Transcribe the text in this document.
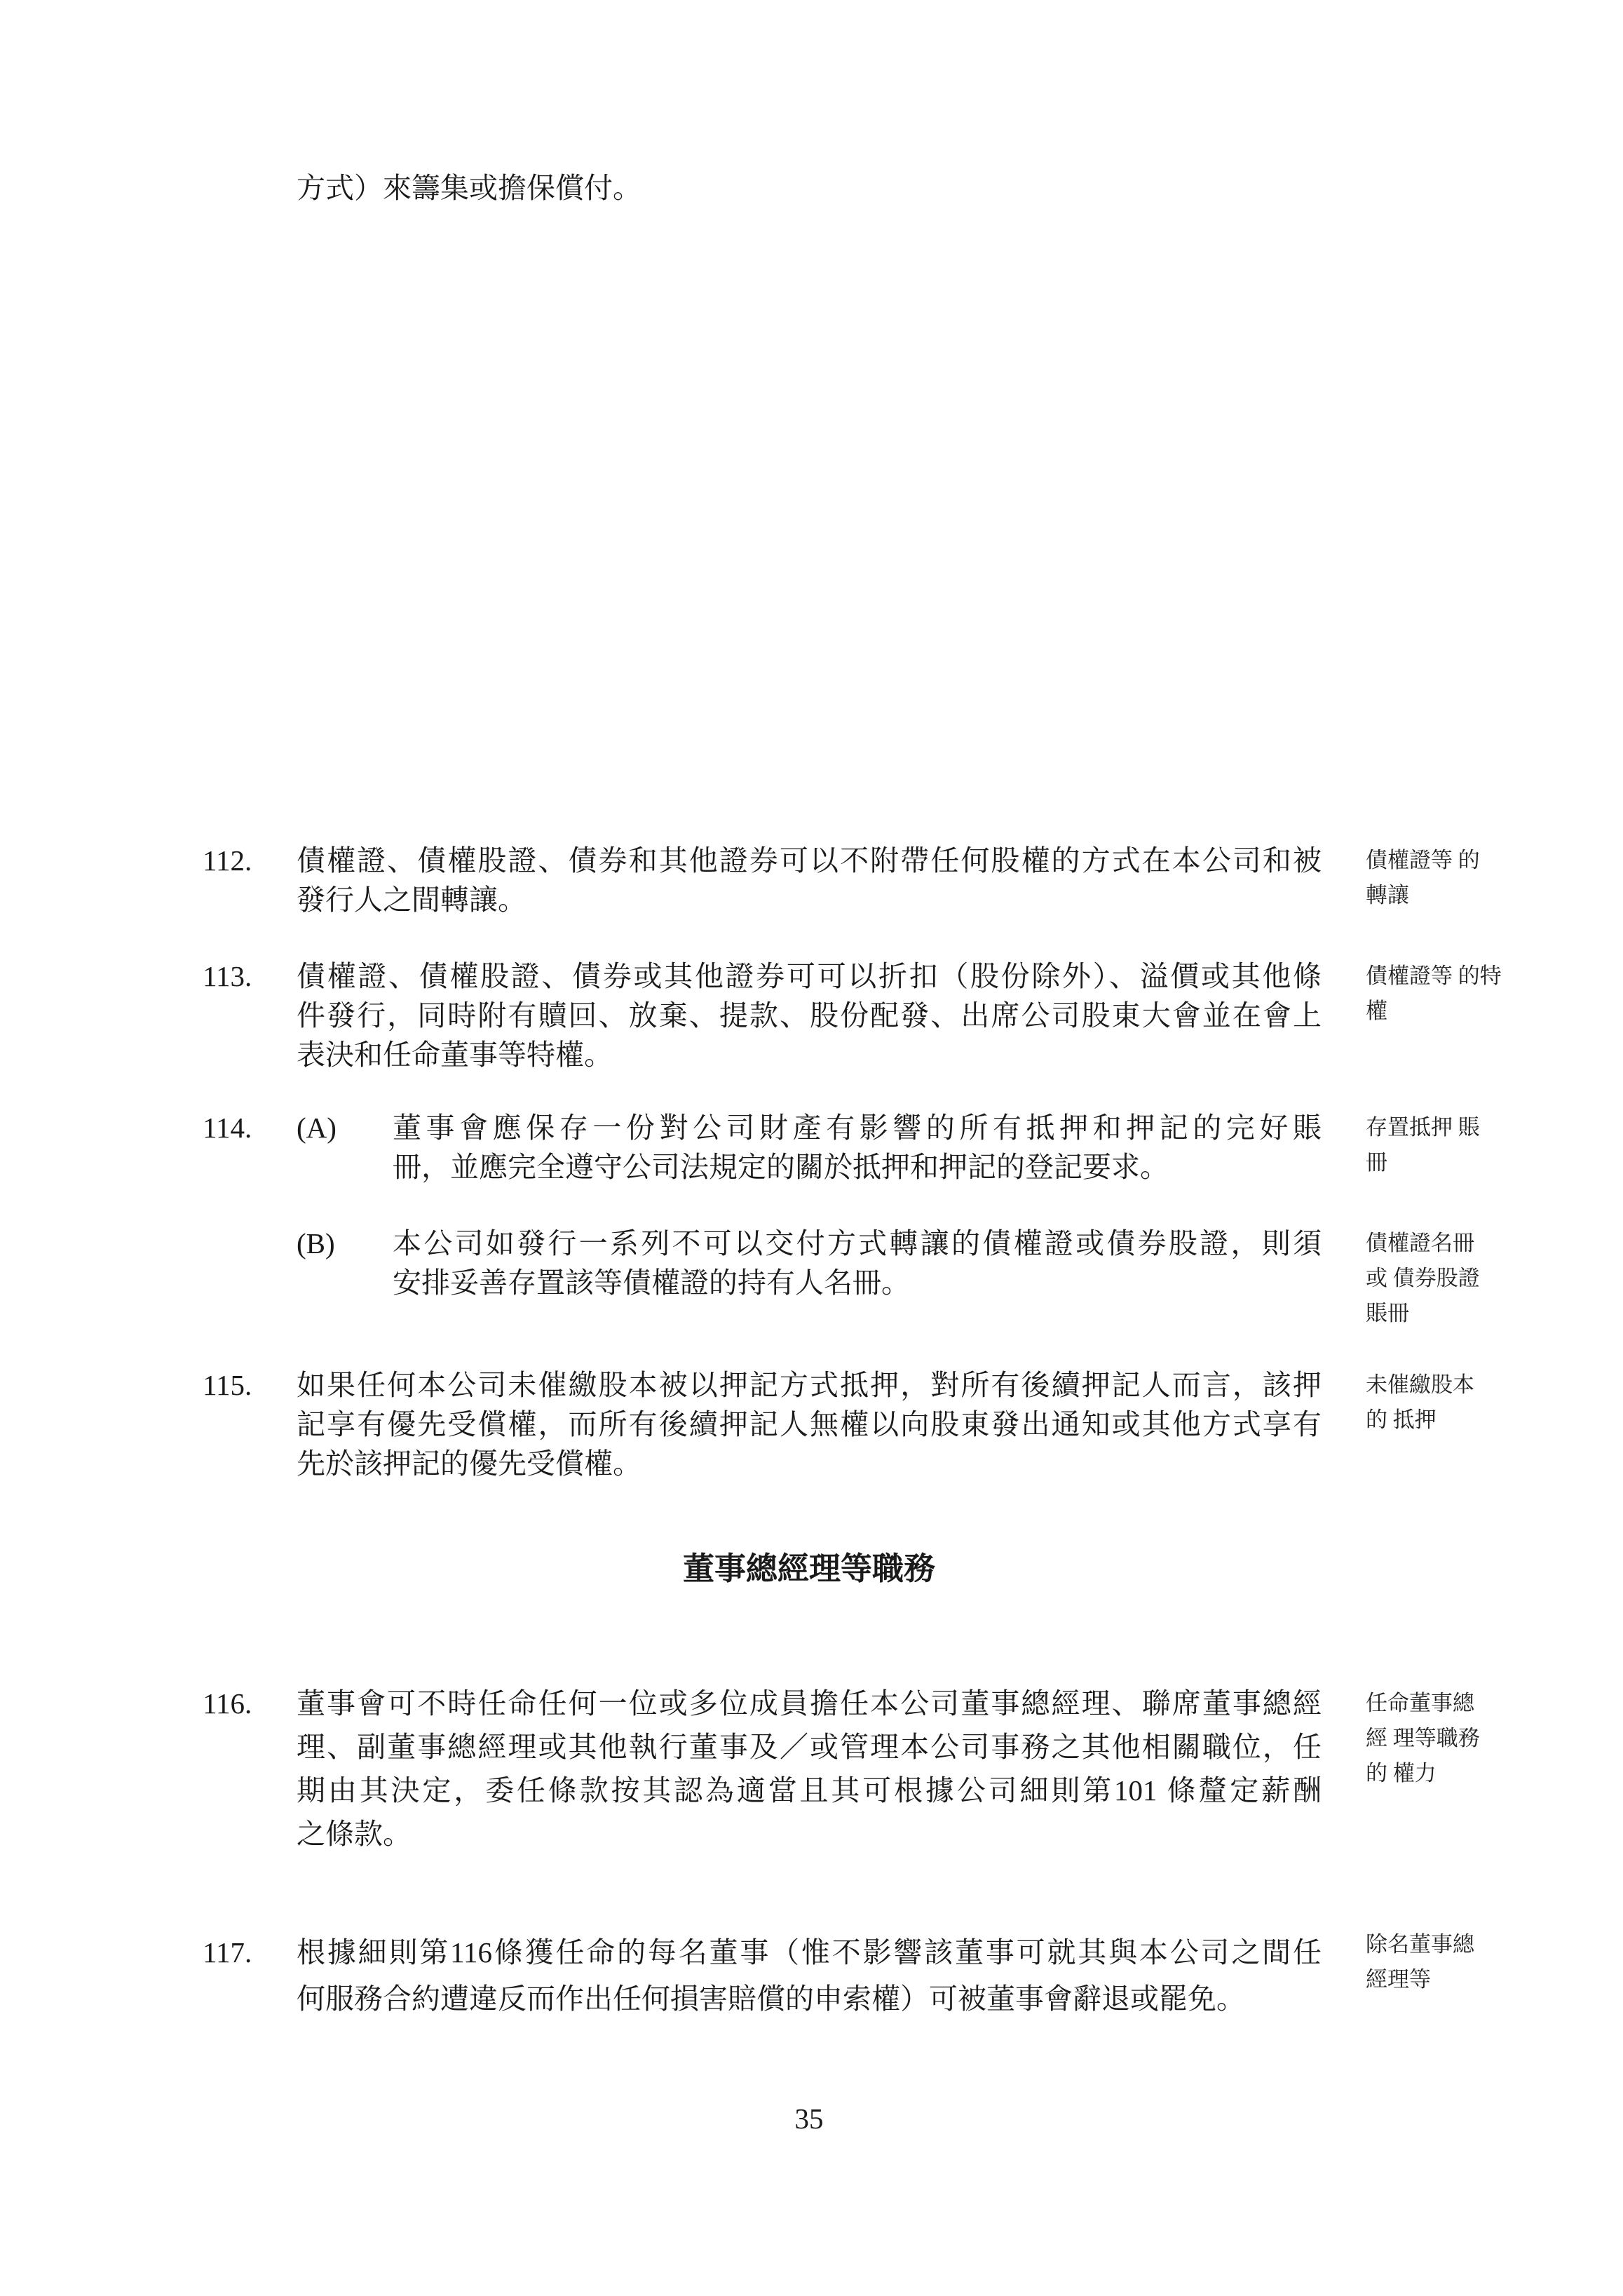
方式）來籌集或擔保償付。
112. 債權證、債權股證、債券和其他證券可以不附帶任何股權的方式在本公司和被
發行人之間轉讓。
債權證等 的
轉讓
113. 債權證、債權股證、債券或其他證券可可以折扣（股份除外）、溢價或其他條
件發行，同時附有贖回、放棄、提款、股份配發、出席公司股東大會並在會上
表決和任命董事等特權。
債權證等 的特
權
114. (A) 董事會應保存一份對公司財產有影響的所有抵押和押記的完好賬
冊，並應完全遵守公司法規定的關於抵押和押記的登記要求。
存置抵押 賬
冊
(B) 本公司如發行一系列不可以交付方式轉讓的債權證或債券股證，則須
安排妥善存置該等債權證的持有人名冊。
債權證名冊
或 債券股證
賬冊
115. 如果任何本公司未催繳股本被以押記方式抵押，對所有後續押記人而言，該押
記享有優先受償權，而所有後續押記人無權以向股東發出通知或其他方式享有
先於該押記的優先受償權。
未催繳股本
的 抵押
董事總經理等職務
116. 董事會可不時任命任何一位或多位成員擔任本公司董事總經理、聯席董事總經
理、副董事總經理或其他執行董事及／或管理本公司事務之其他相關職位，任
期由其決定，委任條款按其認為適當且其可根據公司細則第101 條釐定薪酬
之條款。
任命董事總
經 理等職務
的 權力
117. 根據細則第116條獲任命的每名董事（惟不影響該董事可就其與本公司之間任
何服務合約遭違反而作出任何損害賠償的申索權）可被董事會辭退或罷免。
除名董事總
經理等
35
